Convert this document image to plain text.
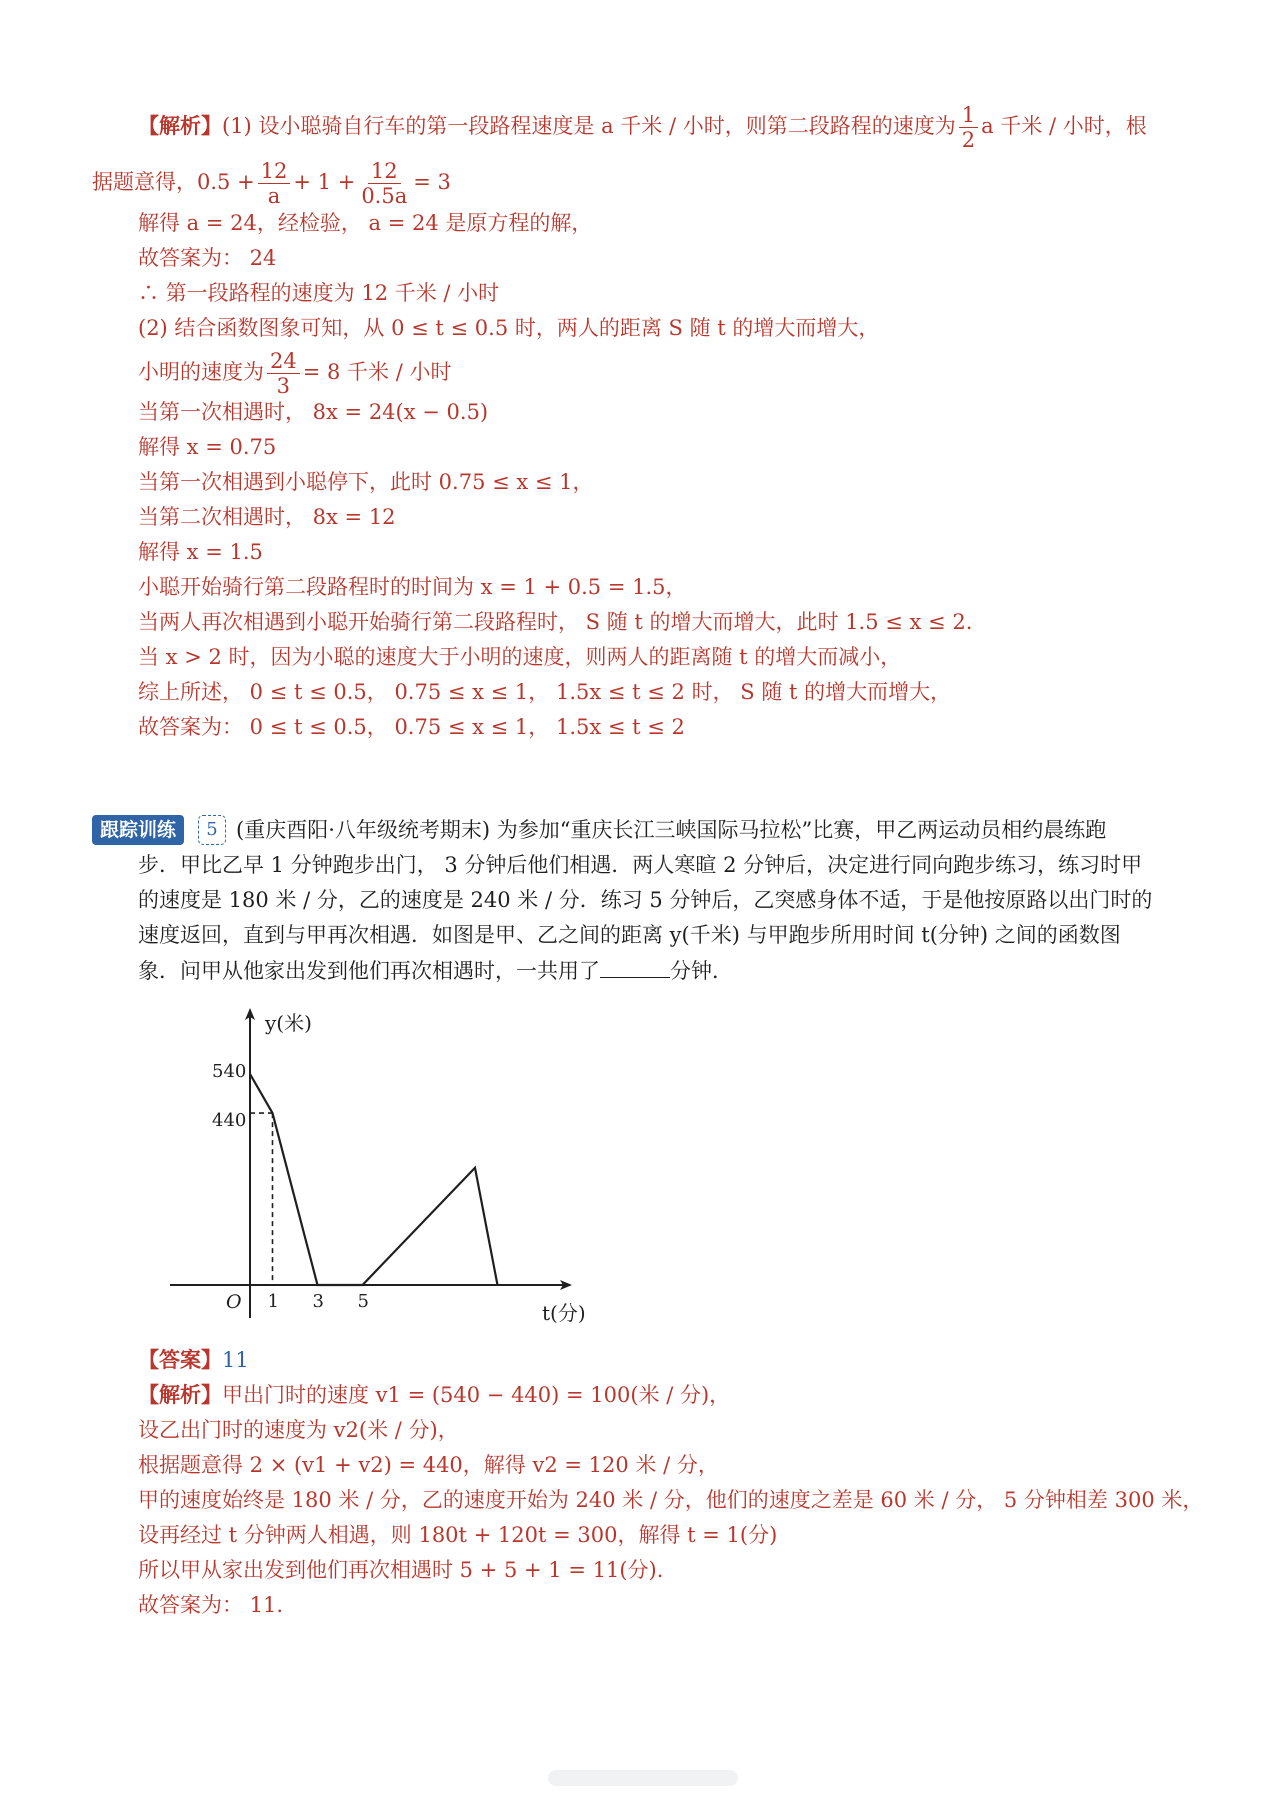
【解析】(1) 设小聪骑自行车的第一段路程速度是 a 千米 / 小时，则第二段路程的速度为 $\frac{1}{2}$ a 千米 / 小时，根
据题意得，$0.5 + \frac{12}{a} + 1 + \frac{12}{0.5a} = 3$
解得 a = 24，经检验， a = 24 是原方程的解，
故答案为： 24
∴ 第一段路程的速度为 12 千米 / 小时
(2) 结合函数图象可知，从 0 ≤ t ≤ 0.5 时，两人的距离 S 随 t 的增大而增大，
小明的速度为 $\frac{24}{3} = 8$ 千米 / 小时
当第一次相遇时， 8x = 24(x − 0.5)
解得 x = 0.75
当第一次相遇到小聪停下，此时 0.75 ≤ x ≤ 1，
当第二次相遇时， 8x = 12
解得 x = 1.5
小聪开始骑行第二段路程时的时间为 x = 1 + 0.5 = 1.5，
当两人再次相遇到小聪开始骑行第二段路程时， S 随 t 的增大而增大，此时 1.5 ≤ x ≤ 2.
当 x > 2 时，因为小聪的速度大于小明的速度，则两人的距离随 t 的增大而减小，
综上所述， 0 ≤ t ≤ 0.5， 0.75 ≤ x ≤ 1， 1.5x ≤ t ≤ 2 时， S 随 t 的增大而增大，
故答案为： 0 ≤ t ≤ 0.5， 0.75 ≤ x ≤ 1， 1.5x ≤ t ≤ 2
跟踪训练	5 (重庆酉阳·八年级统考期末) 为参加“重庆长江三峡国际马拉松”比赛，甲乙两运动员相约晨练跑
步．甲比乙早 1 分钟跑步出门， 3 分钟后他们相遇．两人寒暄 2 分钟后，决定进行同向跑步练习，练习时甲
的速度是 180 米 / 分，乙的速度是 240 米 / 分．练习 5 分钟后，乙突感身体不适，于是他按原路以出门时的
速度返回，直到与甲再次相遇．如图是甲、乙之间的距离 y(千米) 与甲跑步所用时间 t(分钟) 之间的函数图
象．问甲从他家出发到他们再次相遇时，一共用了	分钟．
y(米)
t(分)
O
540
440
1 3 5
【答案】11
【解析】甲出门时的速度 v1 = (540 − 440) = 100(米 / 分)，
设乙出门时的速度为 v2(米 / 分)，
根据题意得 2 × (v1 + v2) = 440，解得 v2 = 120 米 / 分，
甲的速度始终是 180 米 / 分，乙的速度开始为 240 米 / 分，他们的速度之差是 60 米 / 分， 5 分钟相差 300 米，
设再经过 t 分钟两人相遇，则 180t + 120t = 300，解得 t = 1(分)
所以甲从家出发到他们再次相遇时 5 + 5 + 1 = 11(分).
故答案为： 11.
